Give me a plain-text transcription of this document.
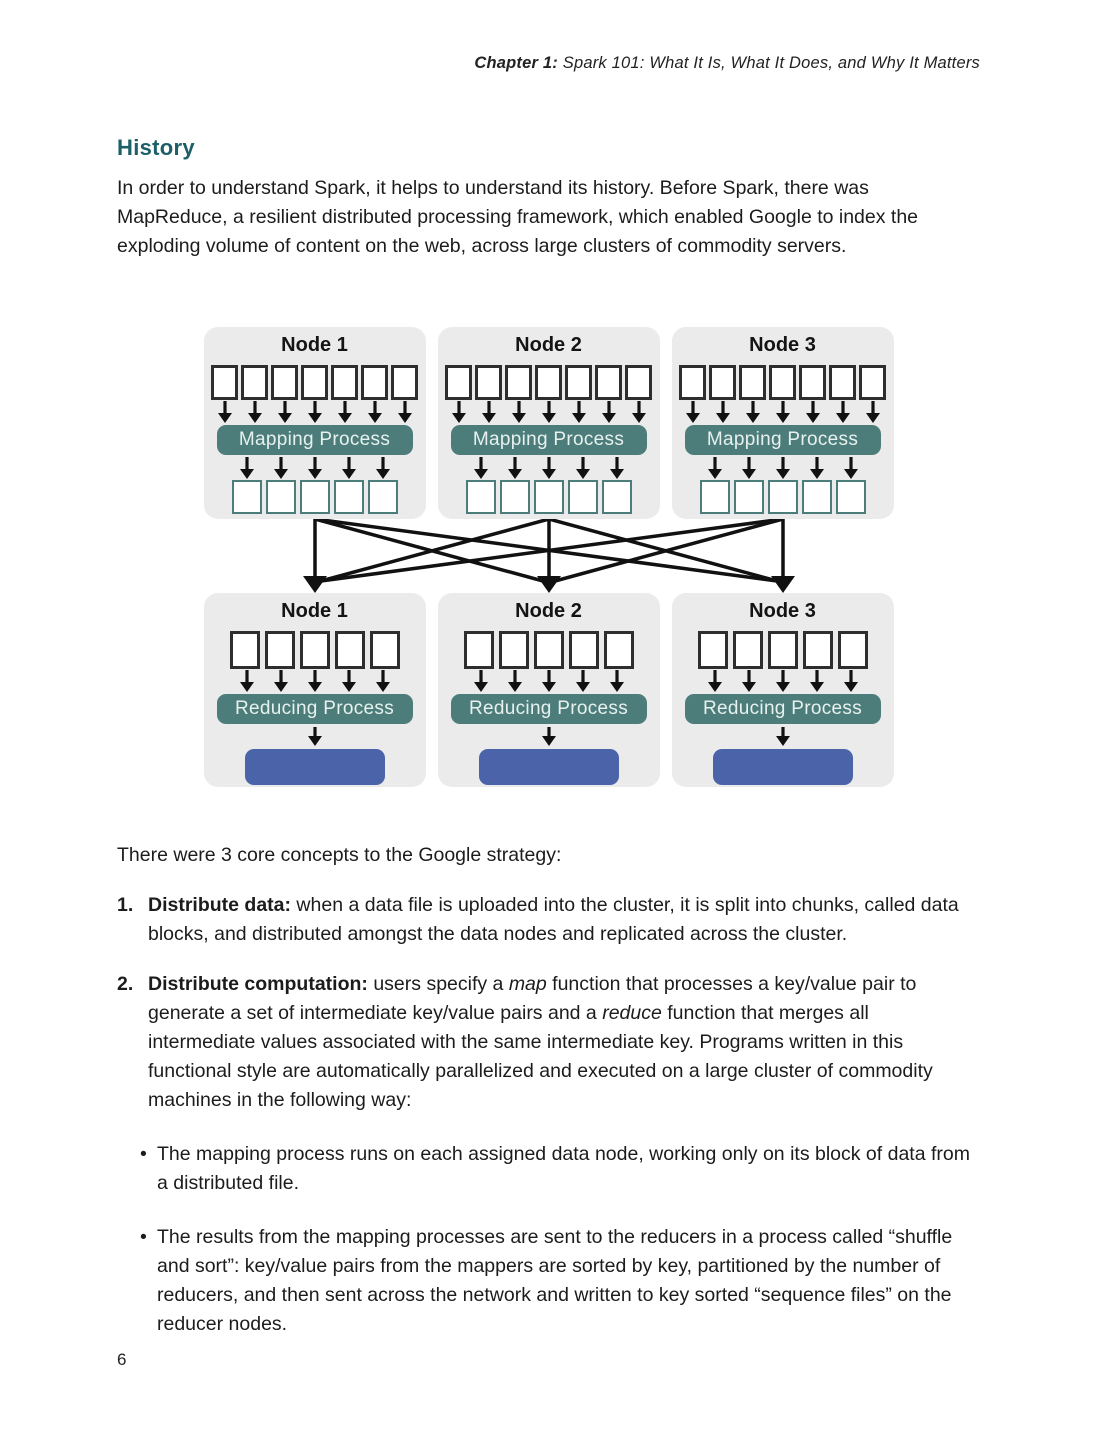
Chapter 1: Spark 101: What It Is, What It Does, and Why It Matters
History

In order to understand Spark, it helps to understand its history. Before Spark, there was MapReduce, a resilient distributed processing framework, which enabled Google to index the exploding volume of content on the web, across large clusters of commodity servers.

Node 1
Mapping Process
Node 2
Mapping Process
Node 3
Mapping Process
Node 1
Reducing Process
Node 2
Reducing Process
Node 3
Reducing Process

There were 3 core concepts to the Google strategy:

1. Distribute data: when a data file is uploaded into the cluster, it is split into chunks, called data blocks, and distributed amongst the data nodes and replicated across the cluster.
2. Distribute computation: users specify a map function that processes a key/value pair to generate a set of intermediate key/value pairs and a reduce function that merges all intermediate values associated with the same intermediate key. Programs written in this functional style are automatically parallelized and executed on a large cluster of commodity machines in the following way:
• The mapping process runs on each assigned data node, working only on its block of data from a distributed file.
• The results from the mapping processes are sent to the reducers in a process called “shuffle and sort”: key/value pairs from the mappers are sorted by key, partitioned by the number of reducers, and then sent across the network and written to key sorted “sequence files” on the reducer nodes.
6
